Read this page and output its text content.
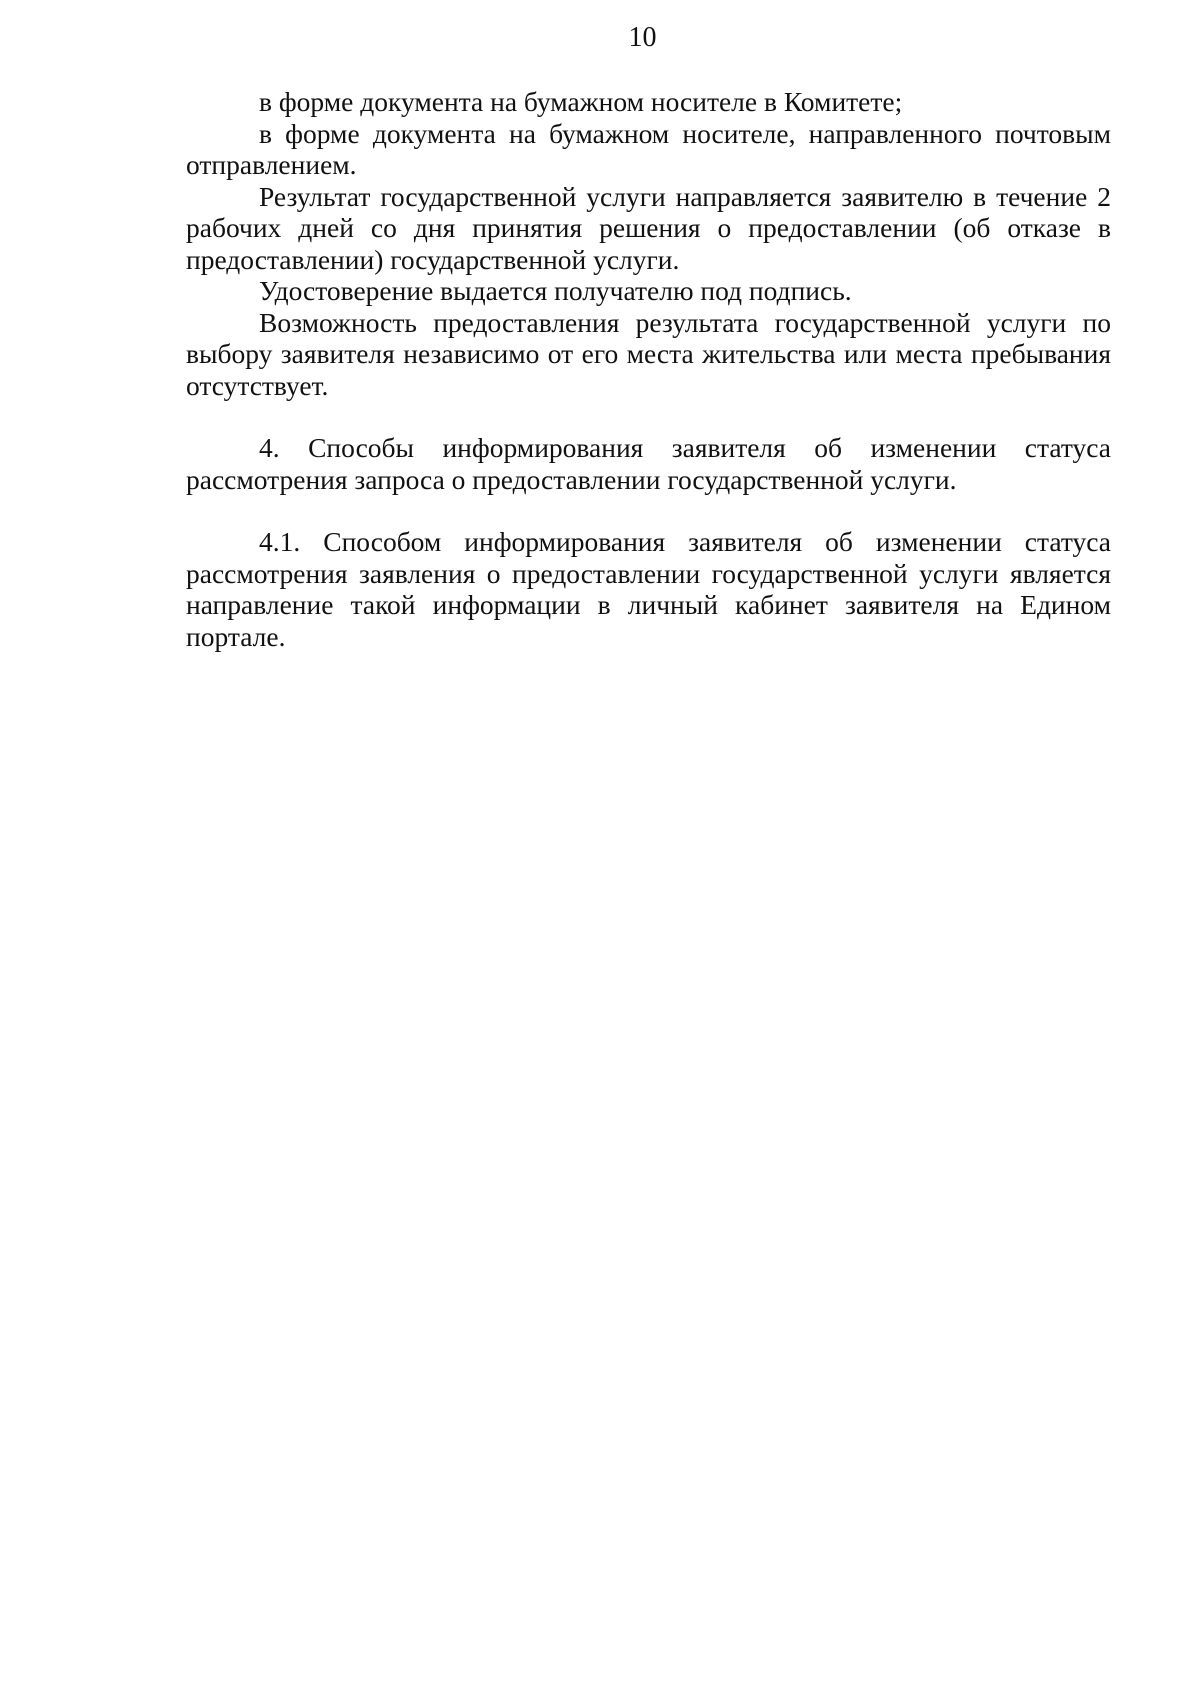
10

в форме документа на бумажном носителе в Комитете;

в форме документа на бумажном носителе, направленного почтовым отправлением.

Результат государственной услуги направляется заявителю в течение 2 рабочих дней со дня принятия решения о предоставлении (об отказе в предоставлении) государственной услуги.

Удостоверение выдается получателю под подпись.

Возможность предоставления результата государственной услуги по выбору заявителя независимо от его места жительства или места пребывания отсутствует.

4. Способы информирования заявителя об изменении статуса рассмотрения запроса о предоставлении государственной услуги.

4.1. Способом информирования заявителя об изменении статуса рассмотрения заявления о предоставлении государственной услуги является направление такой информации в личный кабинет заявителя на Едином портале.
